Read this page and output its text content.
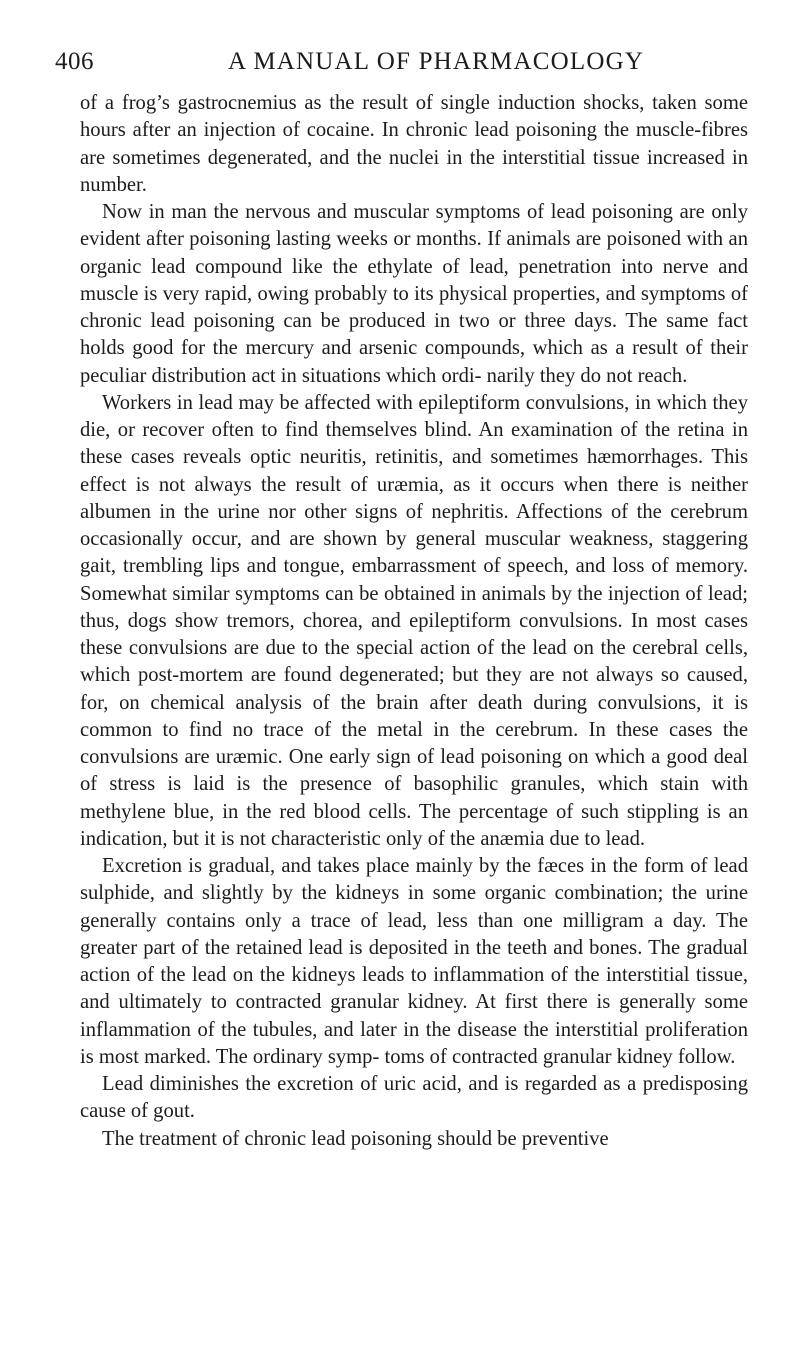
406	A MANUAL OF PHARMACOLOGY

of a frog’s gastrocnemius as the result of single induction shocks, taken some hours after an injection of cocaine. In chronic lead poisoning the muscle-fibres are sometimes degenerated, and the nuclei in the interstitial tissue increased in number.

Now in man the nervous and muscular symptoms of lead poisoning are only evident after poisoning lasting weeks or months. If animals are poisoned with an organic lead compound like the ethylate of lead, penetration into nerve and muscle is very rapid, owing probably to its physical properties, and symptoms of chronic lead poisoning can be produced in two or three days. The same fact holds good for the mercury and arsenic compounds, which as a result of their peculiar distribution act in situations which ordi- narily they do not reach.

Workers in lead may be affected with epileptiform convulsions, in which they die, or recover often to find themselves blind. An examination of the retina in these cases reveals optic neuritis, retinitis, and sometimes hæmorrhages. This effect is not always the result of uræmia, as it occurs when there is neither albumen in the urine nor other signs of nephritis. Affections of the cerebrum occasionally occur, and are shown by general muscular weakness, staggering gait, trembling lips and tongue, embarrassment of speech, and loss of memory. Somewhat similar symptoms can be obtained in animals by the injection of lead; thus, dogs show tremors, chorea, and epileptiform convulsions. In most cases these convulsions are due to the special action of the lead on the cerebral cells, which post-mortem are found degenerated; but they are not always so caused, for, on chemical analysis of the brain after death during convulsions, it is common to find no trace of the metal in the cerebrum. In these cases the convulsions are uræmic. One early sign of lead poisoning on which a good deal of stress is laid is the presence of basophilic granules, which stain with methylene blue, in the red blood cells. The percentage of such stippling is an indication, but it is not characteristic only of the anæmia due to lead.

Excretion is gradual, and takes place mainly by the fæces in the form of lead sulphide, and slightly by the kidneys in some organic combination; the urine generally contains only a trace of lead, less than one milligram a day. The greater part of the retained lead is deposited in the teeth and bones. The gradual action of the lead on the kidneys leads to inflammation of the interstitial tissue, and ultimately to contracted granular kidney. At first there is generally some inflammation of the tubules, and later in the disease the interstitial proliferation is most marked. The ordinary symp- toms of contracted granular kidney follow.

Lead diminishes the excretion of uric acid, and is regarded as a predisposing cause of gout.

The treatment of chronic lead poisoning should be preventive
